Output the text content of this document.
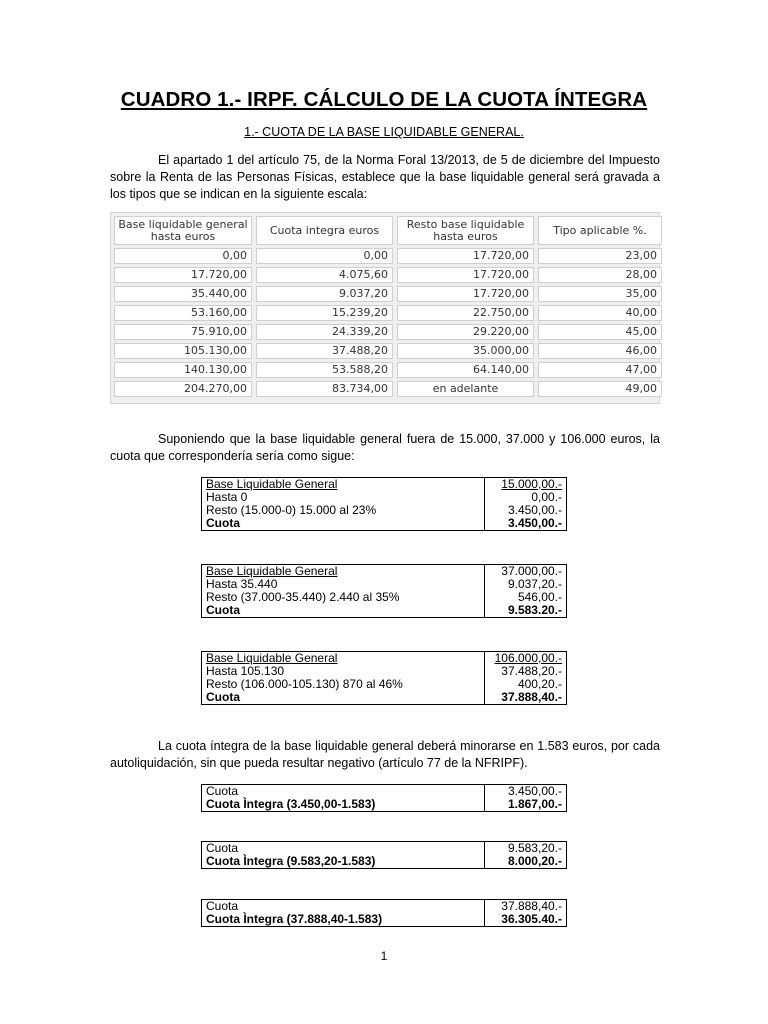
CUADRO 1.- IRPF. CÁLCULO DE LA CUOTA ÍNTEGRA
1.- CUOTA DE LA BASE LIQUIDABLE GENERAL.
El apartado 1 del artículo 75, de la Norma Foral 13/2013, de 5 de diciembre del Impuesto
sobre la Renta de las Personas Físicas, establece que la base liquidable general será gravada a
los tipos que se indican en la siguiente escala:
Base liquidable general hasta euros	Cuota integra euros	Resto base liquidable hasta euros	Tipo aplicable %.
0,00	0,00	17.720,00	23,00
17.720,00	4.075,60	17.720,00	28,00
35.440,00	9.037,20	17.720,00	35,00
53.160,00	15.239,20	22.750,00	40,00
75.910,00	24.339,20	29.220,00	45,00
105.130,00	37.488,20	35.000,00	46,00
140.130,00	53.588,20	64.140,00	47,00
204.270,00	83.734,00	en adelante	49,00
Suponiendo que la base liquidable general fuera de 15.000, 37.000 y 106.000 euros, la
cuota que correspondería sería como sigue:
Base Liquidable General	15.000,00.-
Hasta 0	0,00.-
Resto (15.000-0) 15.000 al 23%	3.450,00.-
Cuota	3.450,00.-
Base Liquidable General	37.000,00.-
Hasta 35.440	9.037,20.-
Resto (37.000-35.440) 2.440 al 35%	546,00.-
Cuota	9.583.20.-
Base Liquidable General	106.000,00.-
Hasta 105.130	37.488,20.-
Resto (106.000-105.130) 870 al 46%	400,20.-
Cuota	37.888,40.-
La cuota íntegra de la base liquidable general deberá minorarse en 1.583 euros, por cada
autoliquidación, sin que pueda resultar negativo (artículo 77 de la NFRIPF).
Cuota	3.450,00.-
Cuota Ìntegra (3.450,00-1.583)	1.867,00.-
Cuota	9.583,20.-
Cuota Ìntegra (9.583,20-1.583)	8.000,20.-
Cuota	37.888,40.-
Cuota Ìntegra (37.888,40-1.583)	36.305.40.-
1
